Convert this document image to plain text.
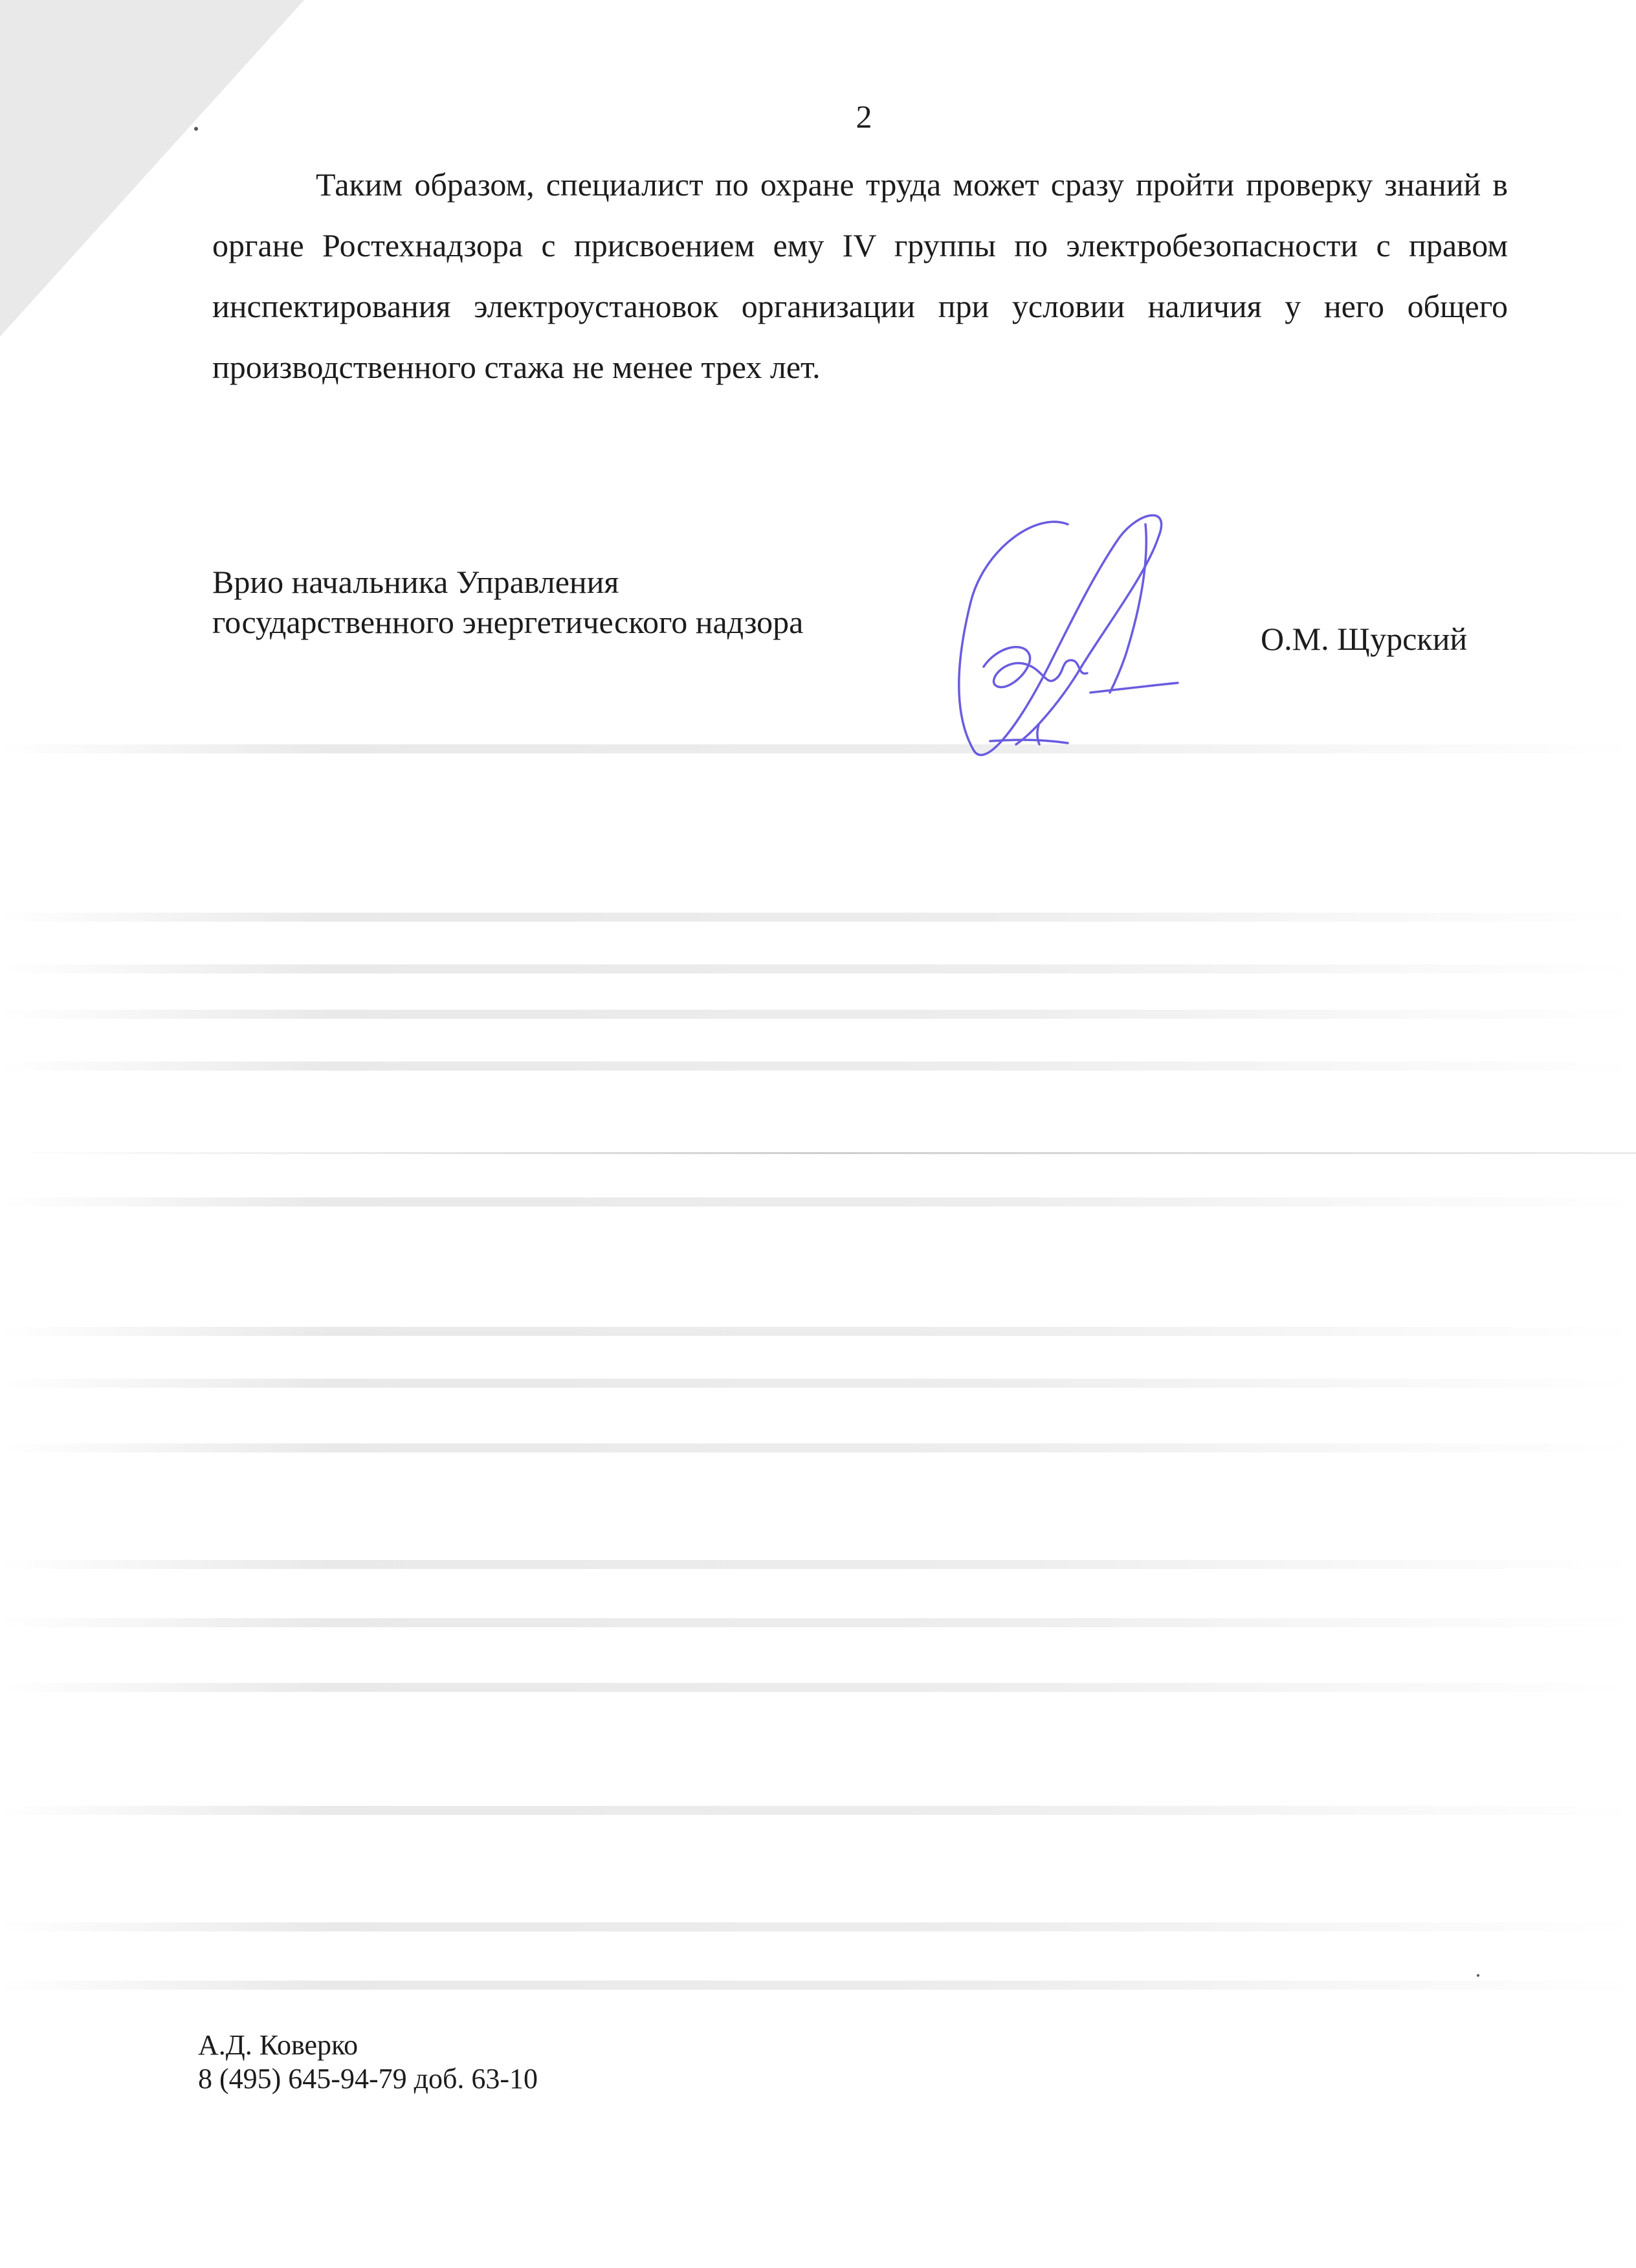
2

Таким образом, специалист по охране труда может сразу пройти проверку знаний в органе Ростехнадзора с присвоением ему IV группы по электробезопасности с правом инспектирования электроустановок организации при условии наличия у него общего производственного стажа не менее трех лет.

Врио начальника Управления
государственного энергетического надзора	О.М. Щурский
А.Д. Коверко
8 (495) 645-94-79 доб. 63-10
